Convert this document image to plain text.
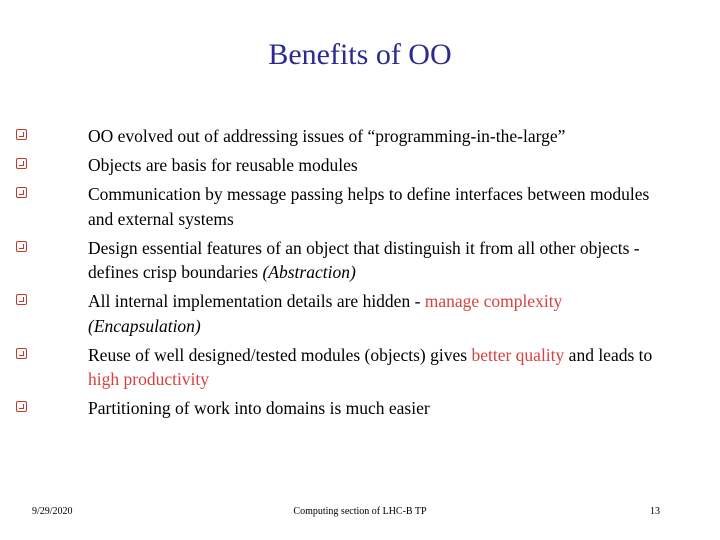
Benefits of OO
OO evolved out of addressing issues of “programming-in-the-large”
Objects are basis for reusable modules
Communication by message passing helps to define interfaces between modules and external systems
Design essential features of an object that distinguish it from all other objects - defines crisp boundaries (Abstraction)
All internal implementation details are hidden - manage complexity (Encapsulation)
Reuse of well designed/tested modules (objects) gives better quality and leads to high productivity
Partitioning of work into domains is much easier
9/29/2020	Computing section of LHC-B TP	13
